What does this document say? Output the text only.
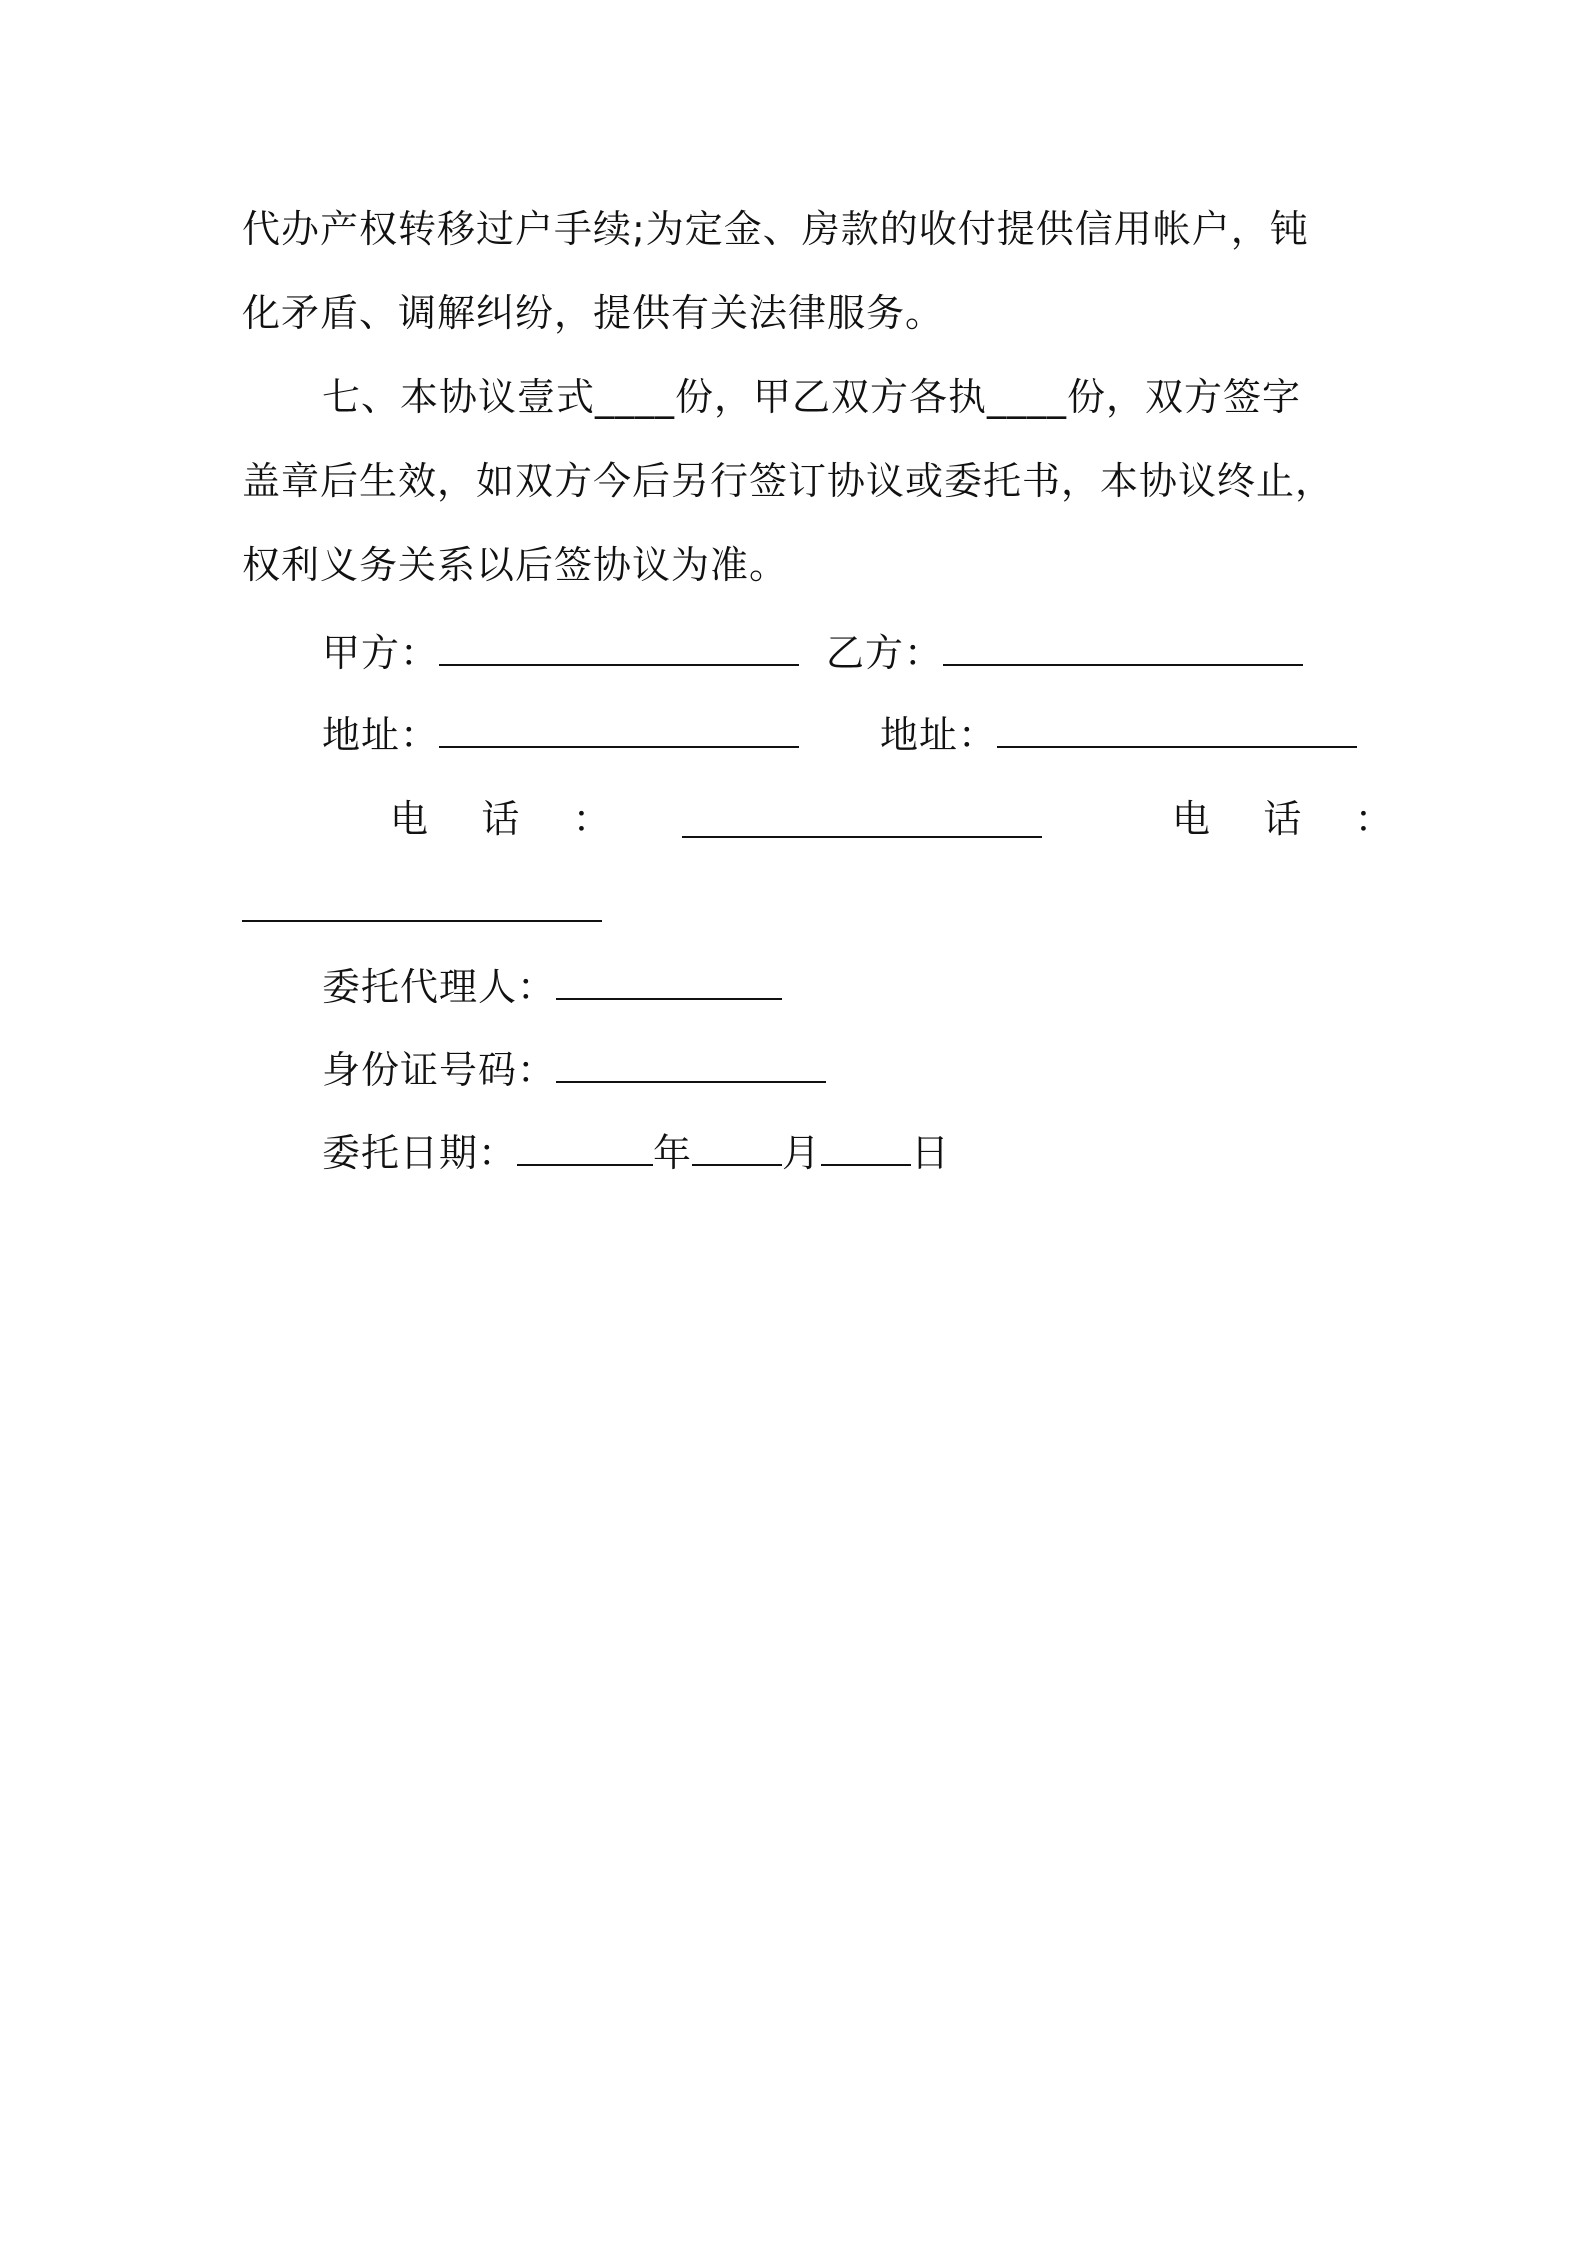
代办产权转移过户手续;为定金、房款的收付提供信用帐户，钝
化矛盾、调解纠纷，提供有关法律服务。
七、本协议壹式____份，甲乙双方各执____份，双方签字
盖章后生效，如双方今后另行签订协议或委托书，本协议终止，
权利义务关系以后签协议为准。
甲方：	乙方：
地址：	地址：
电    话    ：	电    话    ：
委托代理人：
身份证号码：
委托日期：	年 月 日
